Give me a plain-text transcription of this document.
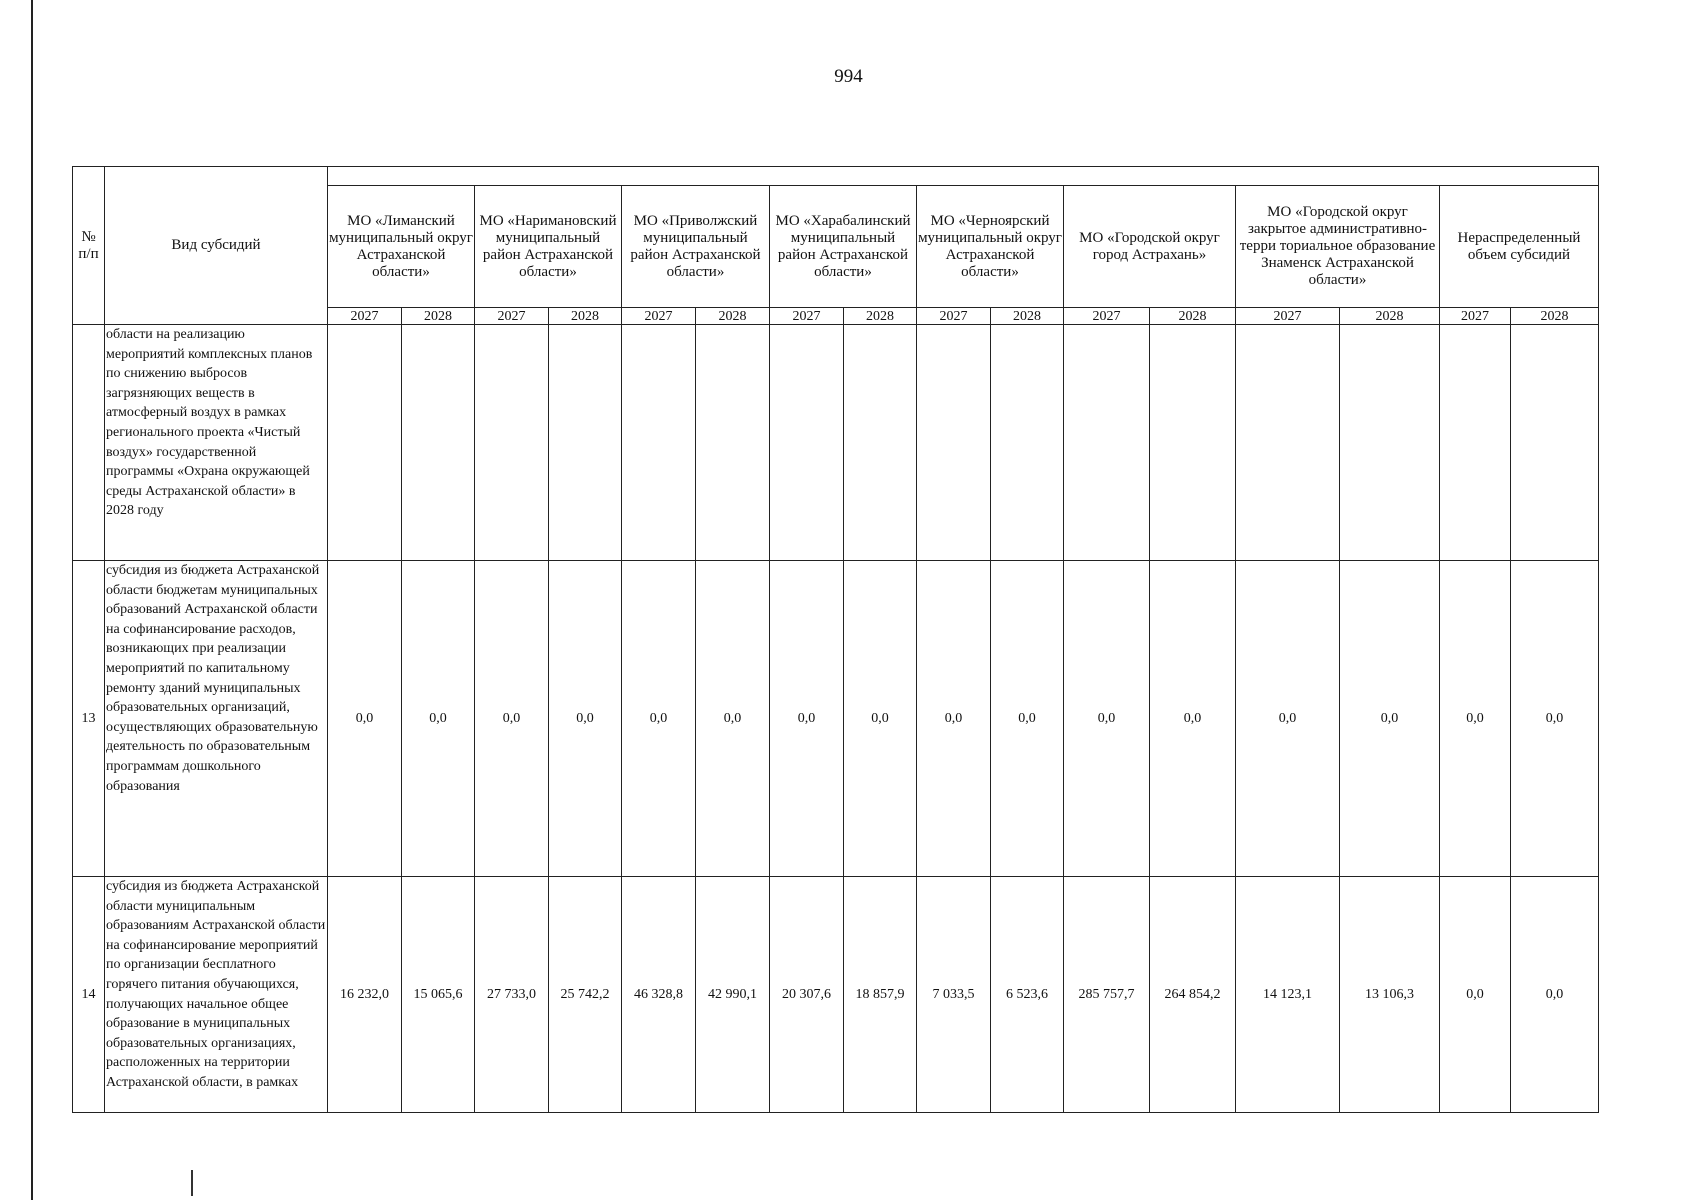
994
№ п/п	Вид субсидий																
		МО «Лиманский муниципальный округ Астраханской области»		МО «Наримановский муниципальный район Астраханской области»		МО «Приволжский муниципальный район Астраханской области»		МО «Харабалинский муниципальный район Астраханской области»		МО «Черноярский муниципальный округ Астраханской области»		МО «Городской округ город Астрахань»		МО «Городской округ закрытое административно-терри ториальное образование Знаменск Астраханской области»		Нераспределенный объем субсидий	
		2027	2028	2027	2028	2027	2028	2027	2028	2027	2028	2027	2028	2027	2028	2027	2028
	области на реализацию мероприятий комплексных планов по снижению выбросов загрязняющих веществ в атмосферный воздух в рамках регионального проекта «Чистый воздух» государственной программы «Охрана окружающей среды Астраханской области» в 2028 году																
13	субсидия из бюджета Астраханской области бюджетам муниципальных образований Астраханской области на софинансирование расходов, возникающих при реализации мероприятий по капитальному ремонту зданий муниципальных образовательных организаций, осуществляющих образовательную деятельность по образовательным программам дошкольного образования	0,0	0,0	0,0	0,0	0,0	0,0	0,0	0,0	0,0	0,0	0,0	0,0	0,0	0,0	0,0	0,0
14	субсидия из бюджета Астраханской области муниципальным образованиям Астраханской области на софинансирование мероприятий по организации бесплатного горячего питания обучающихся, получающих начальное общее образование в муниципальных образовательных организациях, расположенных на территории Астраханской области, в рамках	16 232,0	15 065,6	27 733,0	25 742,2	46 328,8	42 990,1	20 307,6	18 857,9	7 033,5	6 523,6	285 757,7	264 854,2	14 123,1	13 106,3	0,0	0,0
